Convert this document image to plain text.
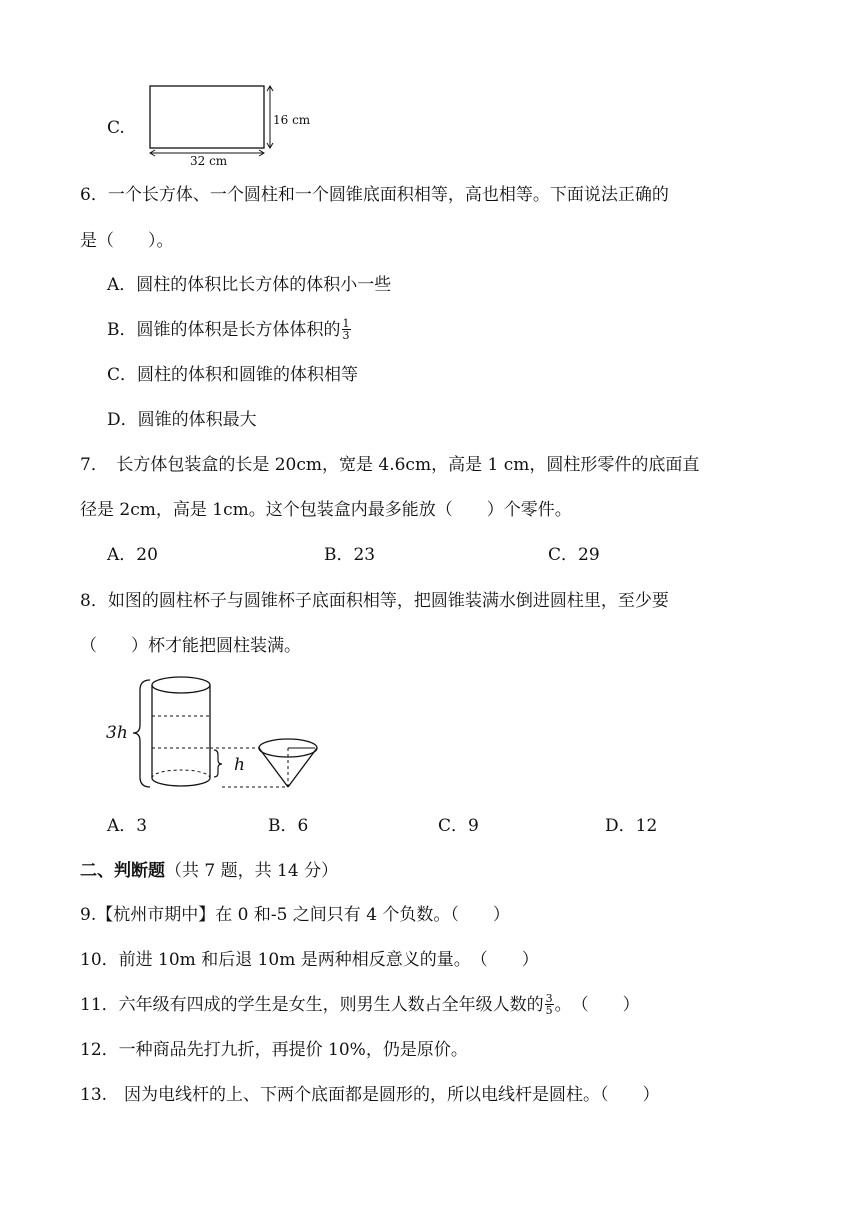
C.	16 cm
32 cm
6．一个长方体、一个圆柱和一个圆锥底面积相等，高也相等。下面说法正确的
是（　　）。
A．圆柱的体积比长方体的体积小一些
B．圆锥的体积是长方体体积的 $\frac{1}{3}$
C．圆柱的体积和圆锥的体积相等
D．圆锥的体积最大
7．　长方体包装盒的长是 20cm，宽是 4.6cm，高是 1 cm，圆柱形零件的底面直
径是 2cm，高是 1cm。这个包装盒内最多能放（　　）个零件。
A．20	B．23	C．29
8．如图的圆柱杯子与圆锥杯子底面积相等，把圆锥装满水倒进圆柱里，至少要
（　　）杯才能把圆柱装满。
3h
h
A．3	B．6	C．9	D．12
二、判断题（共 7 题，共 14 分）
9.【杭州市期中】在 0 和-5 之间只有 4 个负数。（　　）
10．前进 10m 和后退 10m 是两种相反意义的量。　（　　）
11．六年级有四成的学生是女生，则男生人数占全年级人数的 $\frac{3}{5}$ 。　（　　）
12．一种商品先打九折，再提价 10%，仍是原价。
13.　因为电线杆的上、下两个底面都是圆形的，所以电线杆是圆柱。（　　）
